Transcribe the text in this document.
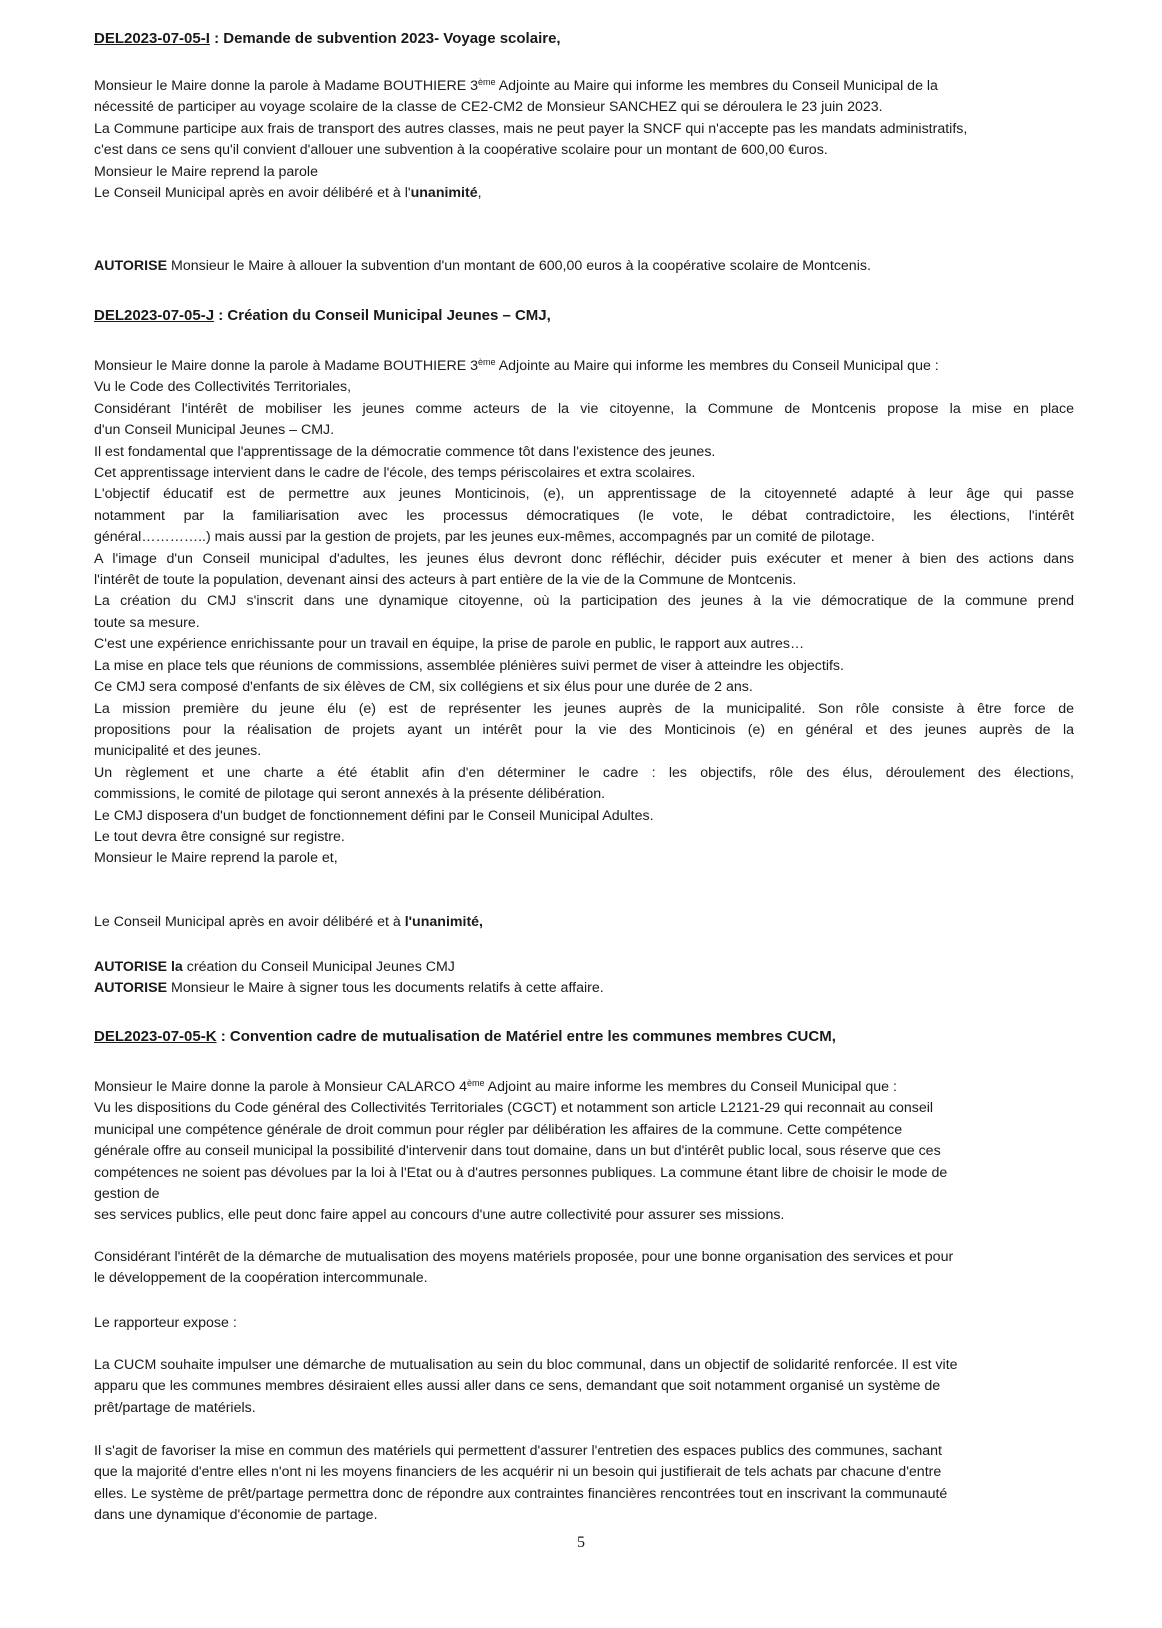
DEL2023-07-05-I : Demande de subvention 2023- Voyage scolaire,
Monsieur le Maire donne la parole à Madame BOUTHIERE 3ème Adjointe au Maire qui informe les membres du Conseil Municipal de la
nécessité de participer au voyage scolaire de la classe de CE2-CM2 de Monsieur SANCHEZ qui se déroulera le 23 juin 2023.
La Commune participe aux frais de transport des autres classes, mais ne peut payer la SNCF qui n'accepte pas les mandats administratifs,
c'est dans ce sens qu'il convient d'allouer une subvention à la coopérative scolaire pour un montant de 600,00 €uros.
Monsieur le Maire reprend la parole
Le Conseil Municipal après en avoir délibéré et à l'unanimité,
AUTORISE Monsieur le Maire à allouer la subvention d'un montant de 600,00 euros à la coopérative scolaire de Montcenis.
DEL2023-07-05-J : Création du Conseil Municipal Jeunes – CMJ,
Monsieur le Maire donne la parole à Madame BOUTHIERE 3ème Adjointe au Maire qui informe les membres du Conseil Municipal que :
Vu le Code des Collectivités Territoriales,
Considérant l'intérêt de mobiliser les jeunes comme acteurs de la vie citoyenne, la Commune de Montcenis propose la mise en place
d'un Conseil Municipal Jeunes – CMJ.
Il est fondamental que l'apprentissage de la démocratie commence tôt dans l'existence des jeunes.
Cet apprentissage intervient dans le cadre de l'école, des temps périscolaires et extra scolaires.
L'objectif éducatif est de permettre aux jeunes Monticinois, (e), un apprentissage de la citoyenneté adapté à leur âge qui passe
notamment par la familiarisation avec les processus démocratiques (le vote, le débat contradictoire, les élections, l'intérêt
général…………..) mais aussi par la gestion de projets, par les jeunes eux-mêmes, accompagnés par un comité de pilotage.
A l'image d'un Conseil municipal d'adultes, les jeunes élus devront donc réfléchir, décider puis exécuter et mener à bien des actions dans
l'intérêt de toute la population, devenant ainsi des acteurs à part entière de la vie de la Commune de Montcenis.
La création du CMJ s'inscrit dans une dynamique citoyenne, où la participation des jeunes à la vie démocratique de la commune prend
toute sa mesure.
C'est une expérience enrichissante pour un travail en équipe, la prise de parole en public, le rapport aux autres…
La mise en place tels que réunions de commissions, assemblée plénières suivi permet de viser à atteindre les objectifs.
Ce CMJ sera composé d'enfants de six élèves de CM, six collégiens et six élus pour une durée de 2 ans.
La mission première du jeune élu (e) est de représenter les jeunes auprès de la municipalité. Son rôle consiste à être force de
propositions pour la réalisation de projets ayant un intérêt pour la vie des Monticinois (e) en général et des jeunes auprès de la
municipalité et des jeunes.
Un règlement et une charte a été établit afin d'en déterminer le cadre : les objectifs, rôle des élus, déroulement des élections,
commissions, le comité de pilotage qui seront annexés à la présente délibération.
Le CMJ disposera d'un budget de fonctionnement défini par le Conseil Municipal Adultes.
Le tout devra être consigné sur registre.
Monsieur le Maire reprend la parole et,
Le Conseil Municipal après en avoir délibéré et à l'unanimité,
AUTORISE la création du Conseil Municipal Jeunes CMJ
AUTORISE Monsieur le Maire à signer tous les documents relatifs à cette affaire.
DEL2023-07-05-K : Convention cadre de mutualisation de Matériel entre les communes membres CUCM,
Monsieur le Maire donne la parole à Monsieur CALARCO 4ème Adjoint au maire informe les membres du Conseil Municipal que :
Vu les dispositions du Code général des Collectivités Territoriales (CGCT) et notamment son article L2121-29 qui reconnait au conseil
municipal une compétence générale de droit commun pour régler par délibération les affaires de la commune. Cette compétence
générale offre au conseil municipal la possibilité d'intervenir dans tout domaine, dans un but d'intérêt public local, sous réserve que ces
compétences ne soient pas dévolues par la loi à l'Etat ou à d'autres personnes publiques. La commune étant libre de choisir le mode de
gestion de
ses services publics, elle peut donc faire appel au concours d'une autre collectivité pour assurer ses missions.
Considérant l'intérêt de la démarche de mutualisation des moyens matériels proposée, pour une bonne organisation des services et pour
le développement de la coopération intercommunale.
Le rapporteur expose :
La CUCM souhaite impulser une démarche de mutualisation au sein du bloc communal, dans un objectif de solidarité renforcée. Il est vite
apparu que les communes membres désiraient elles aussi aller dans ce sens, demandant que soit notamment organisé un système de
prêt/partage de matériels.
Il s'agit de favoriser la mise en commun des matériels qui permettent d'assurer l'entretien des espaces publics des communes, sachant
que la majorité d'entre elles n'ont ni les moyens financiers de les acquérir ni un besoin qui justifierait de tels achats par chacune d'entre
elles. Le système de prêt/partage permettra donc de répondre aux contraintes financières rencontrées tout en inscrivant la communauté
dans une dynamique d'économie de partage.
5
